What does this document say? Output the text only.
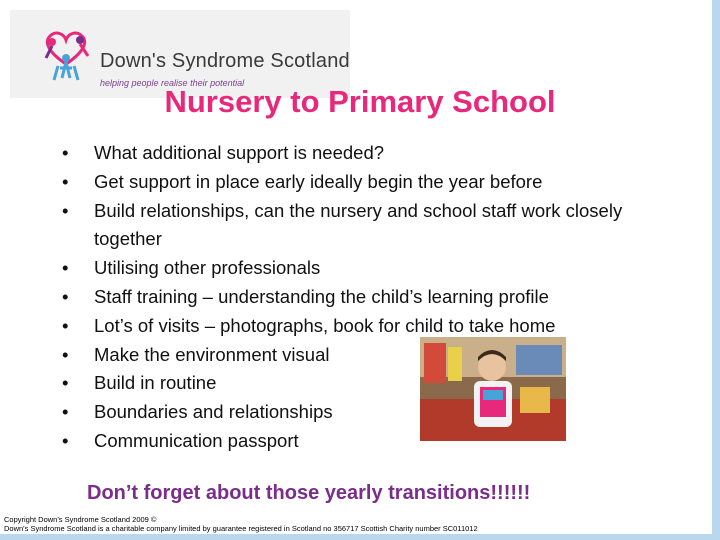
Down's Syndrome Scotland
helping people realise their potential
Nursery to Primary School
• What additional support is needed?
• Get support in place early ideally begin the year before
• Build relationships, can the nursery and school staff work closely together
• Utilising other professionals
• Staff training – understanding the child’s learning profile
• Lot’s of visits – photographs, book for child to take home
• Make the environment visual
• Build in routine
• Boundaries and relationships
• Communication passport
Don’t forget about those yearly transitions!!!!!!
Copyright Down's Syndrome Scotland 2009 ©
Down's Syndrome Scotland is a charitable company limited by guarantee registered in Scotland no 356717 Scottish Charity number SC011012
